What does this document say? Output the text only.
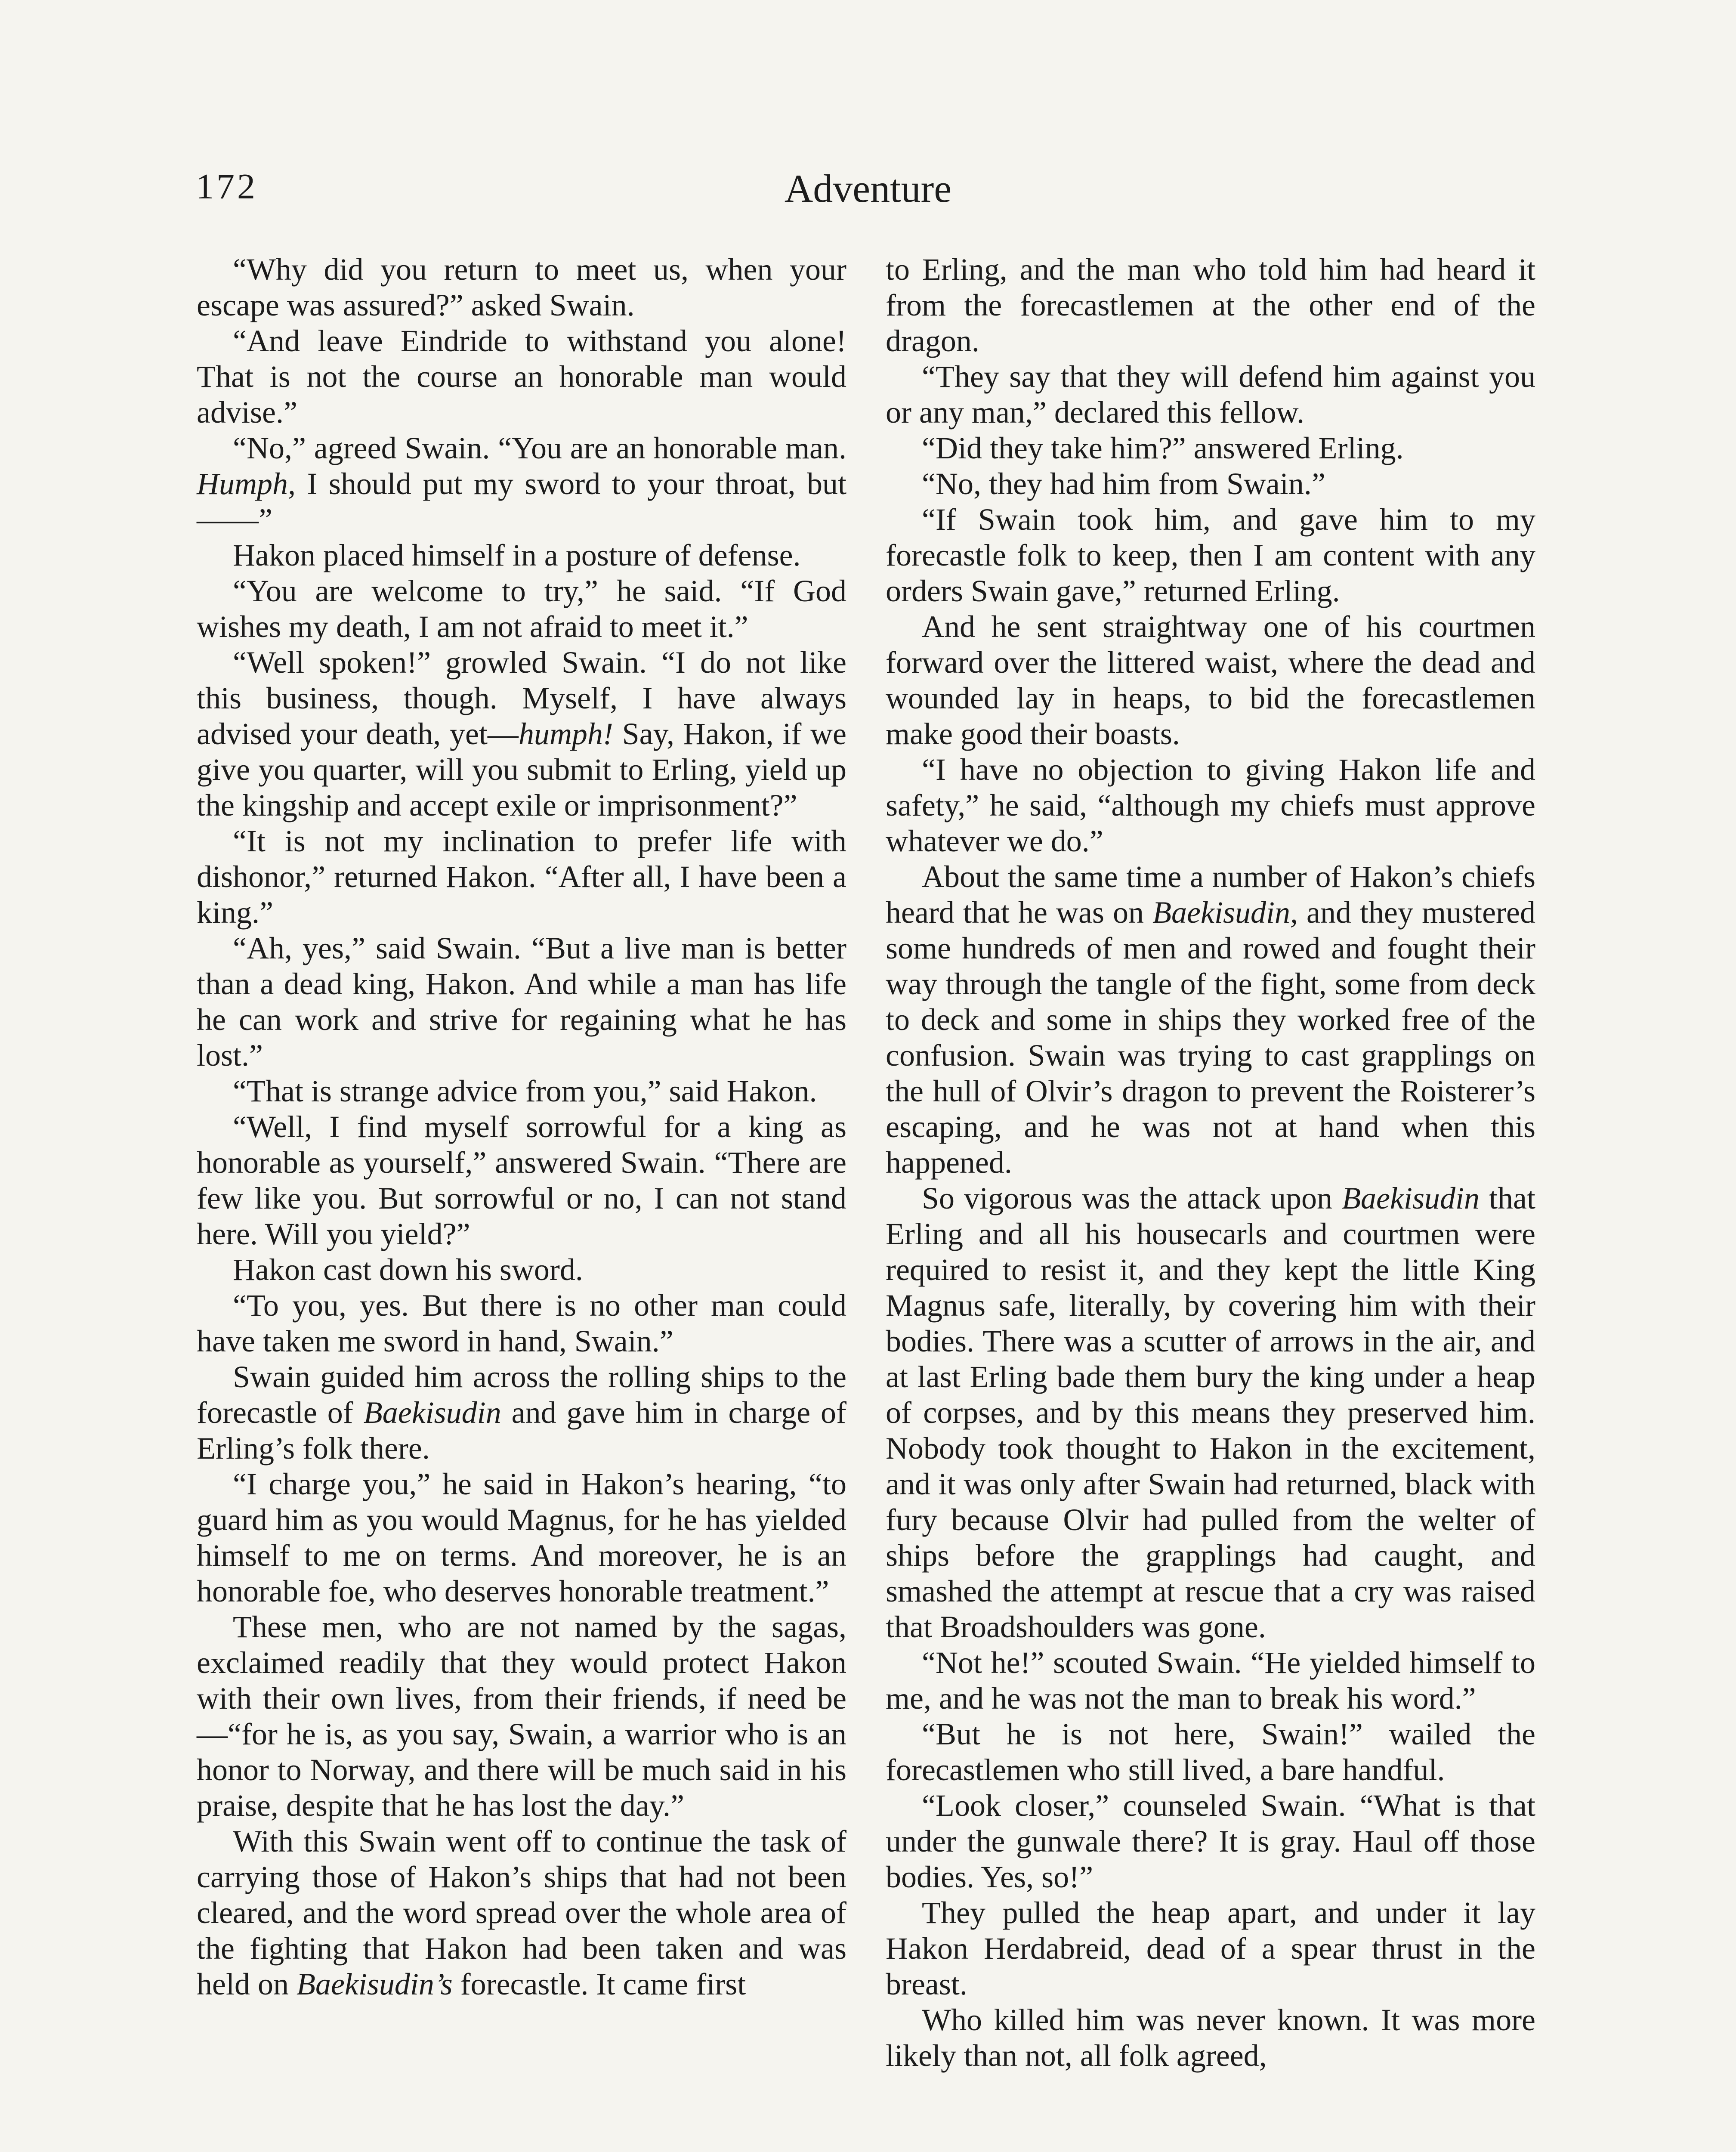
172	Adventure

“Why did you return to meet us, when your escape was assured?” asked Swain.

“And leave Eindride to withstand you alone! That is not the course an honorable man would advise.”

“No,” agreed Swain. “You are an honorable man. Humph, I should put my sword to your throat, but——”

Hakon placed himself in a posture of defense.

“You are welcome to try,” he said. “If God wishes my death, I am not afraid to meet it.”

“Well spoken!” growled Swain. “I do not like this business, though. Myself, I have always advised your death, yet—humph! Say, Hakon, if we give you quarter, will you submit to Erling, yield up the kingship and accept exile or imprisonment?”

“It is not my inclination to prefer life with dishonor,” returned Hakon. “After all, I have been a king.”

“Ah, yes,” said Swain. “But a live man is better than a dead king, Hakon. And while a man has life he can work and strive for regaining what he has lost.”

“That is strange advice from you,” said Hakon.

“Well, I find myself sorrowful for a king as honorable as yourself,” answered Swain. “There are few like you. But sorrowful or no, I can not stand here. Will you yield?”

Hakon cast down his sword.

“To you, yes. But there is no other man could have taken me sword in hand, Swain.”

Swain guided him across the rolling ships to the forecastle of Baekisudin and gave him in charge of Erling’s folk there.

“I charge you,” he said in Hakon’s hearing, “to guard him as you would Magnus, for he has yielded himself to me on terms. And moreover, he is an honorable foe, who deserves honorable treatment.”

These men, who are not named by the sagas, exclaimed readily that they would protect Hakon with their own lives, from their friends, if need be—“for he is, as you say, Swain, a warrior who is an honor to Norway, and there will be much said in his praise, despite that he has lost the day.”

With this Swain went off to continue the task of carrying those of Hakon’s ships that had not been cleared, and the word spread over the whole area of the fighting that Hakon had been taken and was held on Baekisudin’s forecastle. It came first

to Erling, and the man who told him had heard it from the forecastlemen at the other end of the dragon.

“They say that they will defend him against you or any man,” declared this fellow.

“Did they take him?” answered Erling.

“No, they had him from Swain.”

“If Swain took him, and gave him to my forecastle folk to keep, then I am content with any orders Swain gave,” returned Erling.

And he sent straightway one of his courtmen forward over the littered waist, where the dead and wounded lay in heaps, to bid the forecastlemen make good their boasts.

“I have no objection to giving Hakon life and safety,” he said, “although my chiefs must approve whatever we do.”

About the same time a number of Hakon’s chiefs heard that he was on Baekisudin, and they mustered some hundreds of men and rowed and fought their way through the tangle of the fight, some from deck to deck and some in ships they worked free of the confusion. Swain was trying to cast grapplings on the hull of Olvir’s dragon to prevent the Roisterer’s escaping, and he was not at hand when this happened.

So vigorous was the attack upon Baekisudin that Erling and all his housecarls and courtmen were required to resist it, and they kept the little King Magnus safe, literally, by covering him with their bodies. There was a scutter of arrows in the air, and at last Erling bade them bury the king under a heap of corpses, and by this means they preserved him. Nobody took thought to Hakon in the excitement, and it was only after Swain had returned, black with fury because Olvir had pulled from the welter of ships before the grapplings had caught, and smashed the attempt at rescue that a cry was raised that Broadshoulders was gone.

“Not he!” scouted Swain. “He yielded himself to me, and he was not the man to break his word.”

“But he is not here, Swain!” wailed the forecastlemen who still lived, a bare handful.

“Look closer,” counseled Swain. “What is that under the gunwale there? It is gray. Haul off those bodies. Yes, so!”

They pulled the heap apart, and under it lay Hakon Herdabreid, dead of a spear thrust in the breast.

Who killed him was never known. It was more likely than not, all folk agreed,
